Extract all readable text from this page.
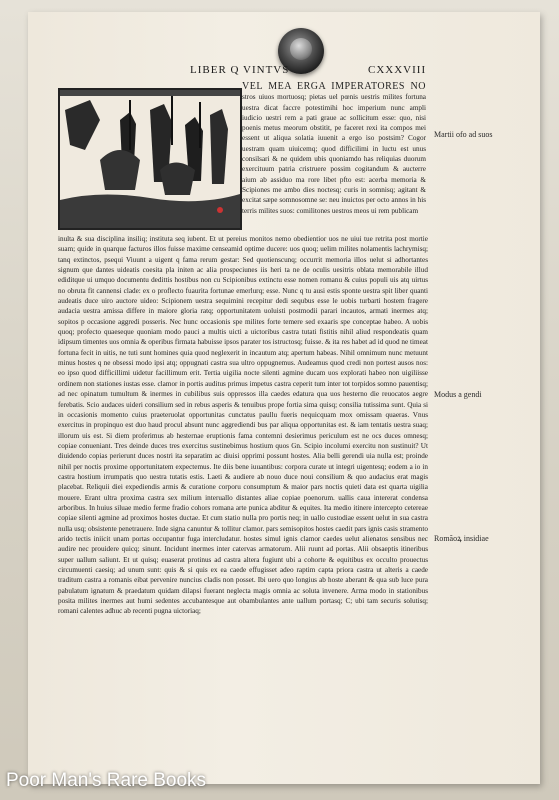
LIBER Q VINTVS	CXXXVIII
VEL MEA ERGA IMPERATORES NO stros uiuos mortuosq; pietas uel pœnis uestris milites fortuna uestra dicat faccre potestimihi hoc imperium nunc ampli iudicio uestri rem a pati graue ac sollicitum esse: quo, nisi poenis metus meorum obstitit, pe faceret rexi ita compos mei essent ut aliqua solatia iuuenit a ergo iso postsim? Cogor uestram quam uiuicemq; quod difficilimi in luctu est unus consilsari & ne quidem ubis quoniamdo has reliquias duorum exercituum patria cristruere possim cogitandum & aucterre aium ab assiduo ma rore libet pfto est: acerba memoria & Scipiones me ambo dies noctesq; curis in somnisq; agitant & excitat sæpe somnosomne se: neu inuictos per octo annos in his terris milites suos: comilitones uestros meos ui rem publicam
inulta & sua disciplina insiliq; instituta seq iubent. Et ut pereius monitos nemo obedientior uos ne uiui tue retrita post mortie suam; quide in quarque facturos illos fuisse maxime censeamid optime ducere: uos quoq; uelim milites nolamentis lachrymisq; tanq extinctos, psequi Viuunt a uigent q fama rerum gestar: Sed quotienscunq; occurrit memoria illos uelut si adhortantes signum que dantes uideatis coesita pla initen ac alia prospeciunes iis heri ta ne de oculis uesitris oblata memorabile illud ediditque ui umquo documentu dedittis hostibus non cu Scipionibus extinctu esse nomen romanu & cuius populi uis atq uirtus no obruta fit cannensi clade: ex o proflecto fuaurita fortunae emerlurq; esse. Nunc q tu ausi estis sponte uestra spit liber quanti audeatis duce uiro auctore uideo: Scipionem uestra sequimini recepitur dedi sequbus esse le uobis turbarti hostem fragere audacia uestra amissa differe in maiore gloria ratq; opportunitatem uoluisti postmodii parari incautos, armati inermes atq; sopitos p occasione aggredi posseris. Nec hunc occasionis spe milites forte temere sed exaaris spe conceptae habeo. A uobis quoq; profecto quaeseque quoniam modo pauci a multis uicti a uictoribus castra tutati fistitis nihil aliud respondeatis quam idipsum timentes uos omnia & operibus firmata habuisse ipsos parater tos istructosq; fuisse. & ita res habet ad id quod ne timeat fortuna fecit in uitis, ne tuti sunt homines quia quod neglexerit in incautum atq; apertum habeas. Nihil omnimum nunc metuunt minus hostes q ne obsessi modo ipsi atq; oppugnati castra sua ultro oppugnemus. Audeamus quod credi non portest ausos nos: eo ipso quod difficillimi uidetur facillimum erit. Tertia uigilia nocte silenti agmine ducam uos explorati habeo non uigiliisse ordinem non stationes iustas esse. clamor in portis auditus primus impetus castra ceperit tum inter tot torpidos somno pauentisq; ad nec opinatum tumultum & inermes in cubilibus suis oppressos illa caedes edatura qua uos hesterno die reuocatos aegre ferebatis. Scio audaces uideri consilium sed in rebus asperis & tenuibus prope fortia sima quisq; consilia tutissima sunt. Quia si in occasionis momento cuius praeteruolat opportunitas cunctatus paullu fueris nequicquam mox omissam quaeras. Vnus exercitus in propinquo est duo haud procul absunt nunc aggrediendi bus par aliqua opportunitas est. & iam tentatis uestra suaq; illorum uis est. Si diem proferimus ab hesternae eruptionis fama contemni desierimus periculum est ne ocs duces omnesq; copiae conueniant. Tres deinde duces tres exercitus sustinebimus hostium quos Gn. Scipio incolumi exercitu non sustinuit? Ut diuidendo copias perierunt duces nostri ita separatim ac diuisi opprimi possunt hostes. Alia belli gerendi uia nulla est; proinde nihil per noctis proxime opportunitatem expectemus. Ite diis bene iuuantibus: corpora curate ut integri uigentesq; eodem a io in castra hostium irrumpatis quo uestra tutatis estis. Laeti & audiere ab nouo duce noui consilium & quo audacius erat magis placebat. Reliquii diei expediendis armis & curatione corporu consumptum & maior pars noctis quieti data est quarta uigilia mouere. Erant ultra proxima castra sex milium interuallo distantes aliae copiae poenorum. uallis caua intererat condensa arboribus. In huius siluae medio ferme fradio cohors romana arte punica abditur & equites. Ita medio itinere intercepto cetereae copiae silenti agmine ad proximos hostes ductae. Et cum statio nulla pro portis neq; in uallo custodiae essent uelut in sua castra nulla usq; obsistente penetrauere. Inde signa canuntur & tollitur clamor. pars semisopitos hostes caedit pars ignis casis stramento arido tectis iniicit unam portas occupantur fuga intercludatur. hostes simul ignis clamor caedes uelut alienatos sensibus nec audire nec prouidere quicq; sinunt. Incidunt inermes inter catervas armatorum. Alii ruunt ad portas. Alii obsaeptis itineribus super uallum saliunt. Et ut quisq; euaserat protinus ad castra altera fugiunt ubi a cohorte & equitibus ex occulto prouectus circumuenti caesiq; ad unum sunt: quis & si quis ex ea caede effugisset adeo raptim capta priora castra ut alteris a caede traditum castra a romanis eibat pervenire nuncius cladis non posset. Ibi uero quo longius ab hoste aberant & qua sub luce pura pabulatum ignatum & praedatum quidam dilapsi fuerant neglecta magis omnia ac soluta invenere. Arma modo in stationibus posita milites inermes aut humi sedentes accubantesque aut obambulantes ante uallum portasq; C; ubi tam securis solutisq; romani calentes adhuc ab recenti pugna uictoriaq;
Martii ofo ad suos
Modus a gendi
Romãoꝝ insidiae
Poor Man's Rare Books
